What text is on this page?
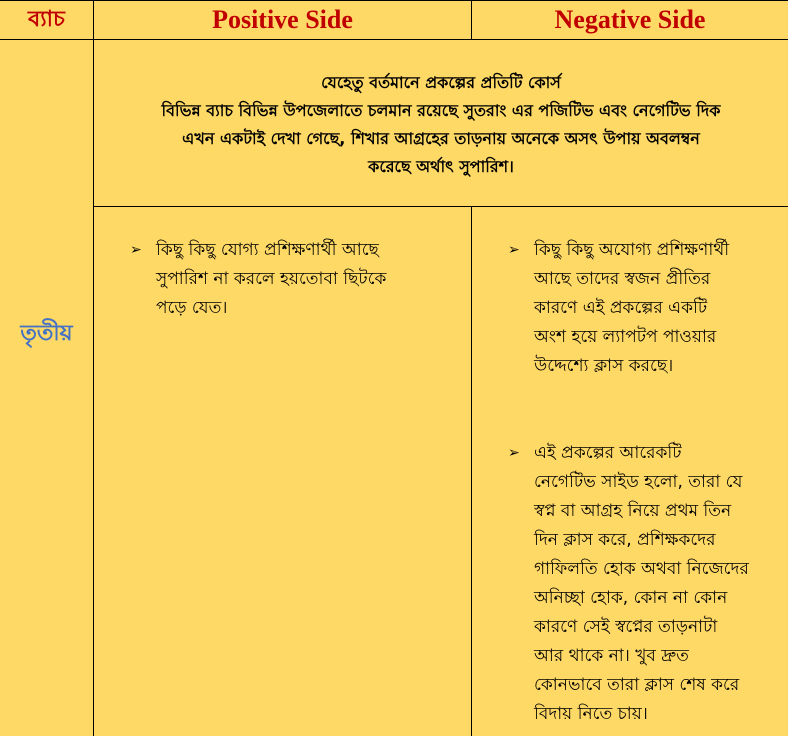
ব্যাচ	Positive Side	Negative Side
তৃতীয়
যেহেতু বর্তমানে প্রকল্পের প্রতিটি কোর্স
বিভিন্ন ব্যাচ বিভিন্ন উপজেলাতে চলমান রয়েছে সুতরাং এর পজিটিভ এবং নেগেটিভ দিক
এখন একটাই দেখা গেছে, শিখার আগ্রহের তাড়নায় অনেকে অসৎ উপায় অবলম্বন
করেছে অর্থাৎ সুপারিশ।
➢ কিছু কিছু যোগ্য প্রশিক্ষণার্থী আছে
সুপারিশ না করলে হয়তোবা ছিটকে
পড়ে যেত।
➢ কিছু কিছু অযোগ্য প্রশিক্ষণার্থী
আছে তাদের স্বজন প্রীতির
কারণে এই প্রকল্পের একটি
অংশ হয়ে ল্যাপটপ পাওয়ার
উদ্দেশ্যে ক্লাস করছে।
➢ এই প্রকল্পের আরেকটি
নেগেটিভ সাইড হলো, তারা যে
স্বপ্ন বা আগ্রহ নিয়ে প্রথম তিন
দিন ক্লাস করে, প্রশিক্ষকদের
গাফিলতি হোক অথবা নিজেদের
অনিচ্ছা হোক, কোন না কোন
কারণে সেই স্বপ্নের তাড়নাটা
আর থাকে না। খুব দ্রুত
কোনভাবে তারা ক্লাস শেষ করে
বিদায় নিতে চায়।
